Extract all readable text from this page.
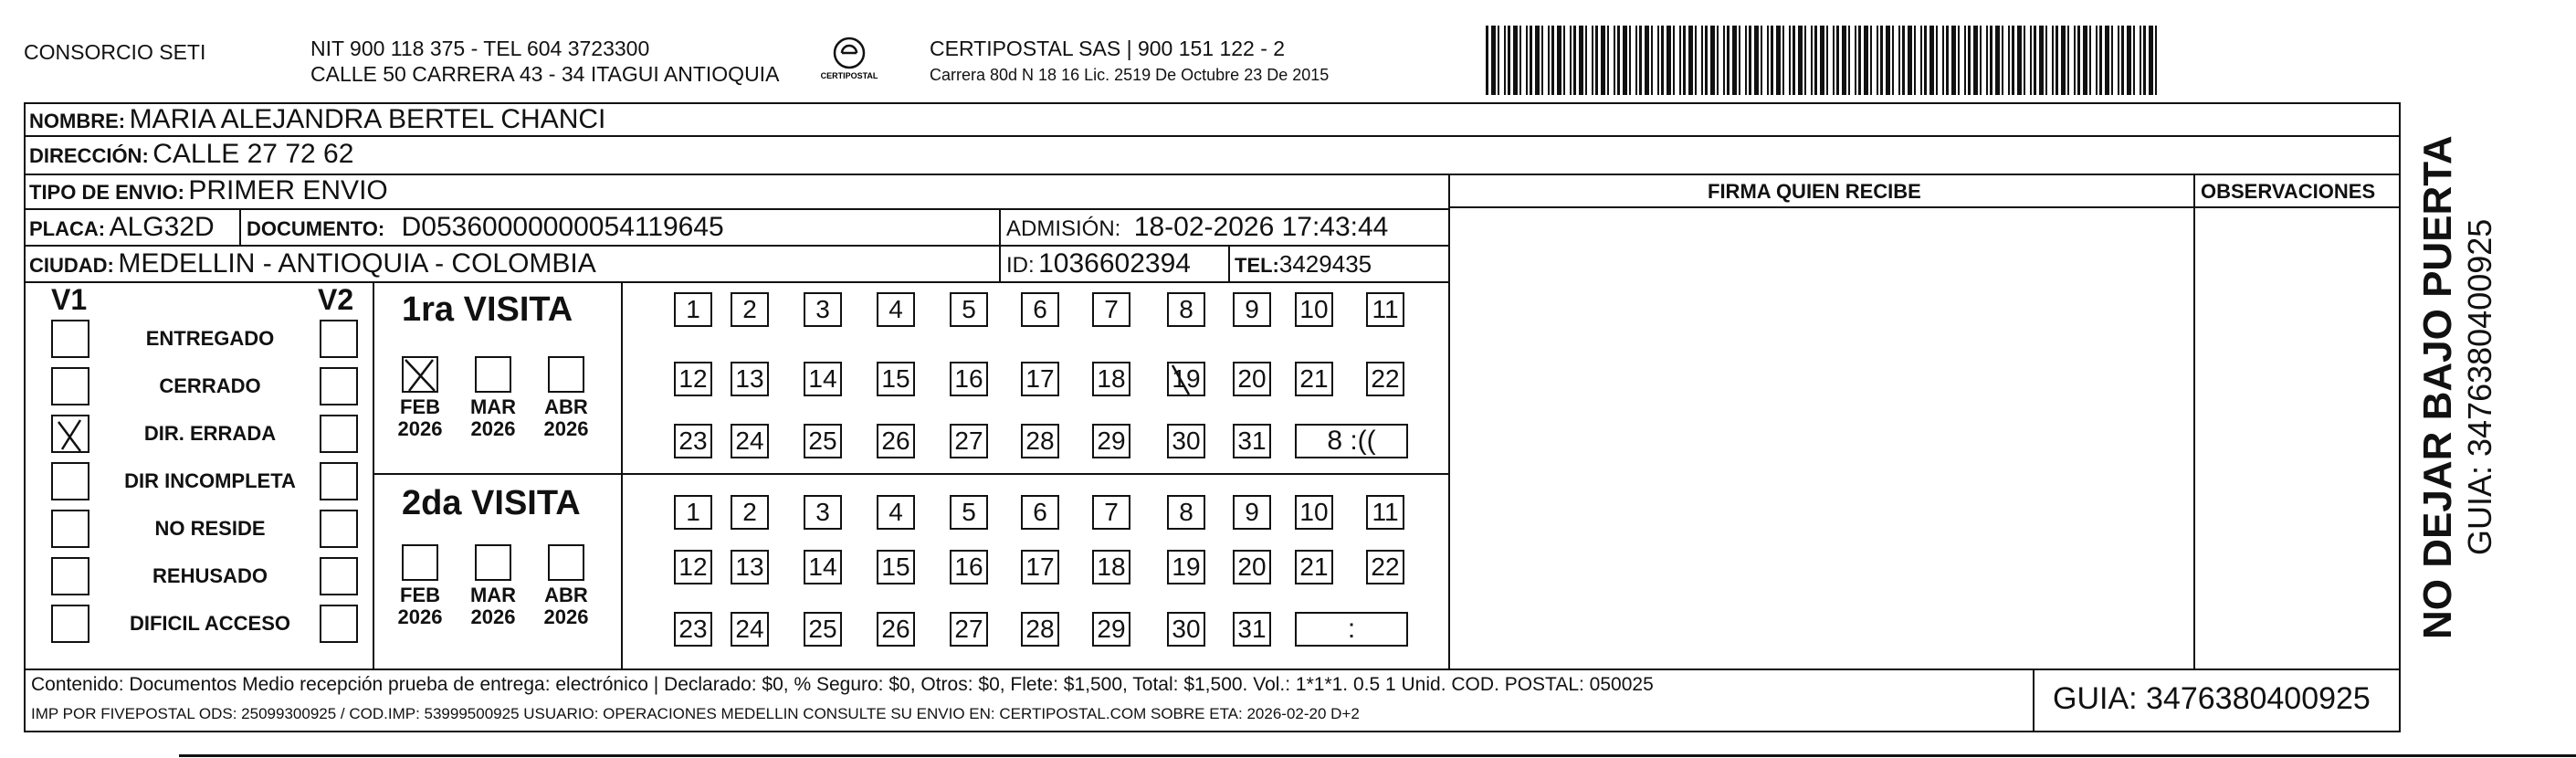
CONSORCIO SETI	NIT 900 118 375 - TEL 604 3723300
CALLE 50 CARRERA 43 - 34 ITAGUI ANTIOQUIA	CERTIPOSTAL
CERTIPOSTAL SAS | 900 151 122 - 2
Carrera 80d N 18 16 Lic. 2519 De Octubre 23 De 2015
NOMBRE: MARIA ALEJANDRA BERTEL CHANCI
DIRECCIÓN: CALLE 27 72 62
TIPO DE ENVIO: PRIMER ENVIO
PLACA: ALG32D DOCUMENTO: D05360000000054119645	ADMISIÓN: 18-02-2026 17:43:44
CIUDAD: MEDELLIN - ANTIOQUIA - COLOMBIA	ID: 1036602394 TEL:3429435
FIRMA QUIEN RECIBE	OBSERVACIONES
V1	V2
ENTREGADO
CERRADO
DIR. ERRADA
DIR INCOMPLETA
NO RESIDE
REHUSADO
DIFICIL ACCESO
1ra VISITA
2da VISITA
FEB
2026
MAR
2026
ABR
2026
FEB
2026
MAR
2026
ABR
2026
1	2	3	4	5	6	7	8	9	10 11
12 13 14 15 16 17 18 19 20 21 22
23 24 25 26 27 28 29 30 31	8 :((
1	2	3	4	5	6	7	8	9	10 11
12 13 14 15 16 17 18 19 20 21 22
23 24 25 26 27 28 29 30 31	:
Contenido: Documentos Medio recepción prueba de entrega: electrónico | Declarado: $0, % Seguro: $0, Otros: $0, Flete: $1,500, Total: $1,500. Vol.: 1*1*1. 0.5 1 Unid. COD. POSTAL: 050025
IMP POR FIVEPOSTAL ODS: 25099300925 / COD.IMP: 53999500925 USUARIO: OPERACIONES MEDELLIN CONSULTE SU ENVIO EN: CERTIPOSTAL.COM SOBRE ETA: 2026-02-20 D+2	GUIA: 3476380400925
NO DEJAR BAJO PUERTA GUIA: 3476380400925
